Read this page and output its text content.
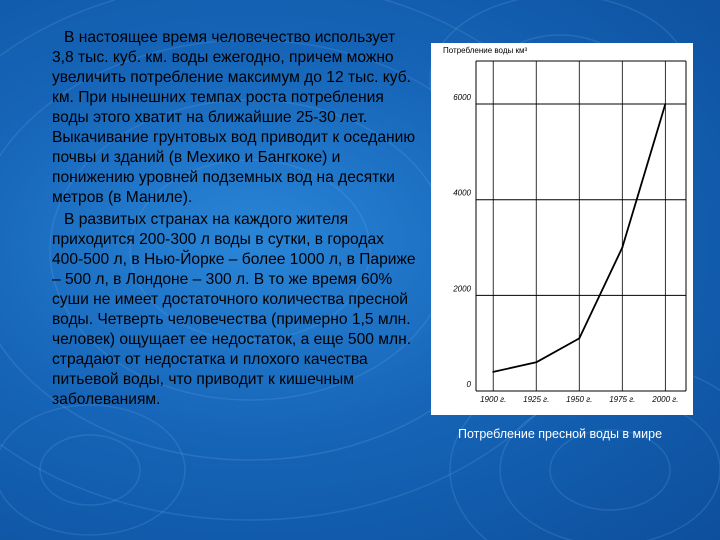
В настоящее время человечество использует 3,8 тыс. куб. км. воды ежегодно, причем можно увеличить потребление максимум до 12 тыс. куб. км. При нынешних темпах роста потребления воды этого хватит на ближайшие 25-30 лет. Выкачивание грунтовых вод приводит к оседанию почвы и зданий (в Мехико и Бангкоке) и понижению уровней подземных вод на десятки метров (в Маниле).

В развитых странах на каждого жителя приходится 200-300 л воды в сутки, в городах 400-500 л, в Нью-Йорке – более 1000 л, в Париже – 500 л, в Лондоне – 300 л. В то же время 60% суши не имеет достаточного количества пресной воды. Четверть человечества (примерно 1,5 млн. человек) ощущает ее недостаток, а еще 500 млн. страдают от недостатка и плохого качества питьевой воды, что приводит к кишечным заболеваниям.

Потребление воды км³
0
2000
4000
6000
1900 г. 1925 г. 1950 г. 1975 г. 2000 г.
Потребление пресной воды в мире
